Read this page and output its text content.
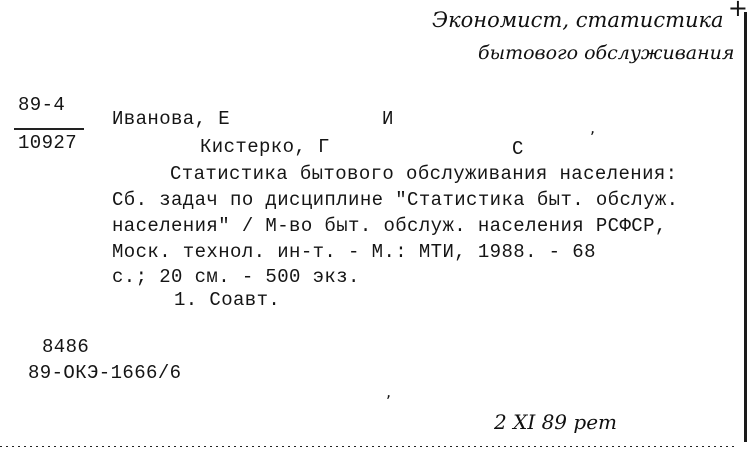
+
Экономист, статистика
бытового обслуживания
89-4
10927
Иванова, Е	И	,
Кистерко, Г	С
Статистика бытового обслуживания населения:
Сб. задач по дисциплине "Статистика быт. обслуж.
населения" / М-во быт. обслуж. населения РСФСР,
Моск. технол. ин-т. - М.: МТИ, 1988. - 68
с.; 20 см. - 500 экз.
1. Соавт.
8486
89-ОКЭ-1666/6
,
2 ХI 89 рет
